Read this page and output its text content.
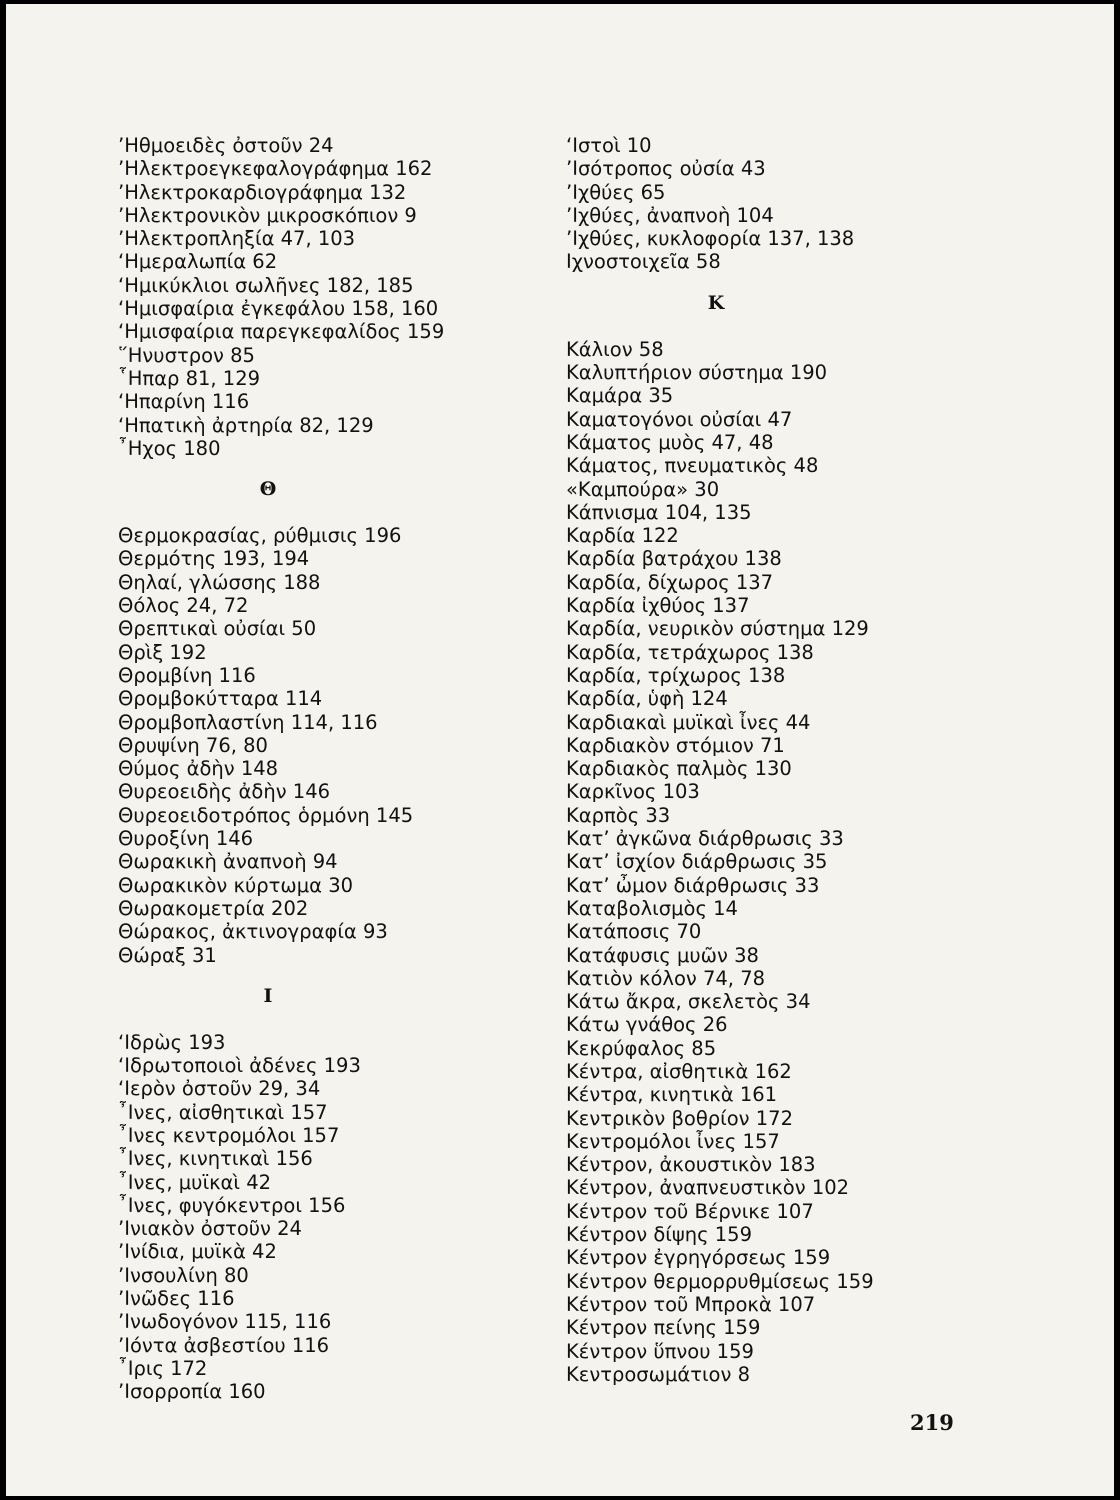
’Ηθμοειδὲς ὀστοῦν 24
’Ηλεκτροεγκεφαλογράφημα 162
’Ηλεκτροκαρδιογράφημα 132
’Ηλεκτρονικὸν μικροσκόπιον 9
’Ηλεκτροπληξία 47, 103
‘Ημεραλωπία 62
‘Ημικύκλιοι σωλῆνες 182, 185
‘Ημισφαίρια ἐγκεφάλου 158, 160
‘Ημισφαίρια παρεγκεφαλίδος 159
῞Ηνυστρον 85
῟Ηπαρ 81, 129
‘Ηπαρίνη 116
‘Ηπατικὴ ἀρτηρία 82, 129
῏Ηχος 180
Θ
Θερμοκρασίας, ρύθμισις 196
Θερμότης 193, 194
Θηλαί, γλώσσης 188
Θόλος 24, 72
Θρεπτικαὶ οὐσίαι 50
Θρὶξ 192
Θρομβίνη 116
Θρομβοκύτταρα 114
Θρομβοπλαστίνη 114, 116
Θρυψίνη 76, 80
Θύμος ἀδὴν 148
Θυρεοειδὴς ἀδὴν 146
Θυρεοειδοτρόπος ὁρμόνη 145
Θυροξίνη 146
Θωρακικὴ ἀναπνοὴ 94
Θωρακικὸν κύρτωμα 30
Θωρακομετρία 202
Θώρακος, ἀκτινογραφία 93
Θώραξ 31
Ι
‘Ιδρὼς 193
‘Ιδρωτοποιοὶ ἀδένες 193
‘Ιερὸν ὀστοῦν 29, 34
῏Ινες, αἰσθητικαὶ 157
῏Ινες κεντρομόλοι 157
῏Ινες, κινητικαὶ 156
῏Ινες, μυϊκαὶ 42
῏Ινες, φυγόκεντροι 156
’Ινιακὸν ὀστοῦν 24
’Ινίδια, μυϊκὰ 42
’Ινσουλίνη 80
’Ινῶδες 116
’Ινωδογόνον 115, 116
’Ιόντα ἀσβεστίου 116
῏Ιρις 172
’Ισορροπία 160
‘Ιστοὶ 10
’Ισότροπος οὐσία 43
’Ιχθύες 65
’Ιχθύες, ἀναπνοὴ 104
’Ιχθύες, κυκλοφορία 137, 138
Ιχνοστοιχεῖα 58
Κ
Κάλιον 58
Καλυπτήριον σύστημα 190
Καμάρα 35
Καματογόνοι οὐσίαι 47
Κάματος μυὸς 47, 48
Κάματος, πνευματικὸς 48
«Καμπούρα» 30
Κάπνισμα 104, 135
Καρδία 122
Καρδία βατράχου 138
Καρδία, δίχωρος 137
Καρδία ἰχθύος 137
Καρδία, νευρικὸν σύστημα 129
Καρδία, τετράχωρος 138
Καρδία, τρίχωρος 138
Καρδία, ὑφὴ 124
Καρδιακαὶ μυϊκαὶ ἶνες 44
Καρδιακὸν στόμιον 71
Καρδιακὸς παλμὸς 130
Καρκῖνος 103
Καρπὸς 33
Κατ’ ἀγκῶνα διάρθρωσις 33
Κατ’ ἰσχίον διάρθρωσις 35
Κατ’ ὦμον διάρθρωσις 33
Καταβολισμὸς 14
Κατάποσις 70
Κατάφυσις μυῶν 38
Κατιὸν κόλον 74, 78
Κάτω ἄκρα, σκελετὸς 34
Κάτω γνάθος 26
Κεκρύφαλος 85
Κέντρα, αἰσθητικὰ 162
Κέντρα, κινητικὰ 161
Κεντρικὸν βοθρίον 172
Κεντρομόλοι ἶνες 157
Κέντρον, ἀκουστικὸν 183
Κέντρον, ἀναπνευστικὸν 102
Κέντρον τοῦ Βέρνικε 107
Κέντρον δίψης 159
Κέντρον ἐγρηγόρσεως 159
Κέντρον θερμορρυθμίσεως 159
Κέντρον τοῦ Μπροκὰ 107
Κέντρον πείνης 159
Κέντρον ὕπνου 159
Κεντροσωμάτιον 8
219
